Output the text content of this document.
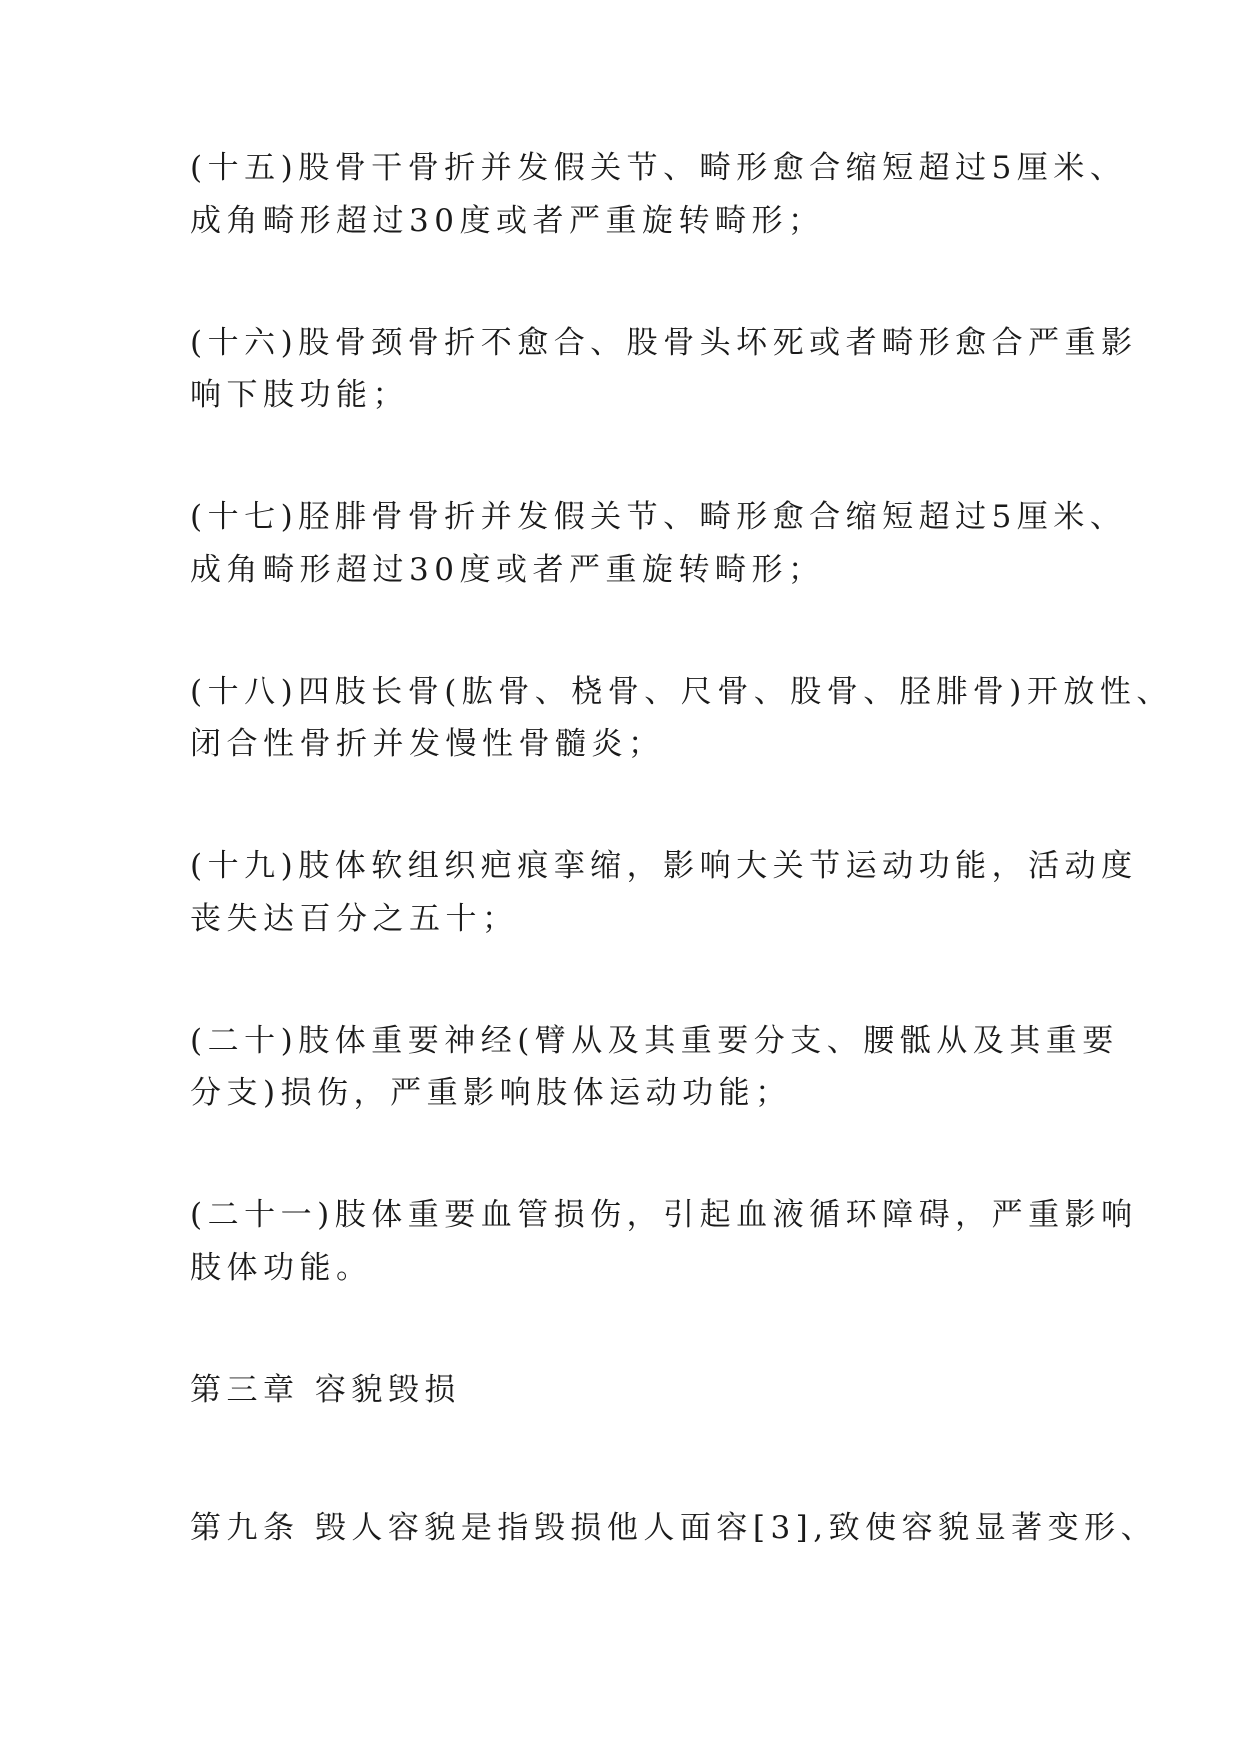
(十五)股骨干骨折并发假关节、畸形愈合缩短超过5厘米、
成角畸形超过30度或者严重旋转畸形；
(十六)股骨颈骨折不愈合、股骨头坏死或者畸形愈合严重影
响下肢功能；
(十七)胫腓骨骨折并发假关节、畸形愈合缩短超过5厘米、
成角畸形超过30度或者严重旋转畸形；
(十八)四肢长骨(肱骨、桡骨、尺骨、股骨、胫腓骨)开放性、
闭合性骨折并发慢性骨髓炎；
(十九)肢体软组织疤痕挛缩，影响大关节运动功能，活动度
丧失达百分之五十；
(二十)肢体重要神经(臂从及其重要分支、腰骶从及其重要
分支)损伤，严重影响肢体运动功能；
(二十一)肢体重要血管损伤，引起血液循环障碍，严重影响
肢体功能。
第三章 容貌毁损
第九条 毁人容貌是指毁损他人面容[3],致使容貌显著变形、
